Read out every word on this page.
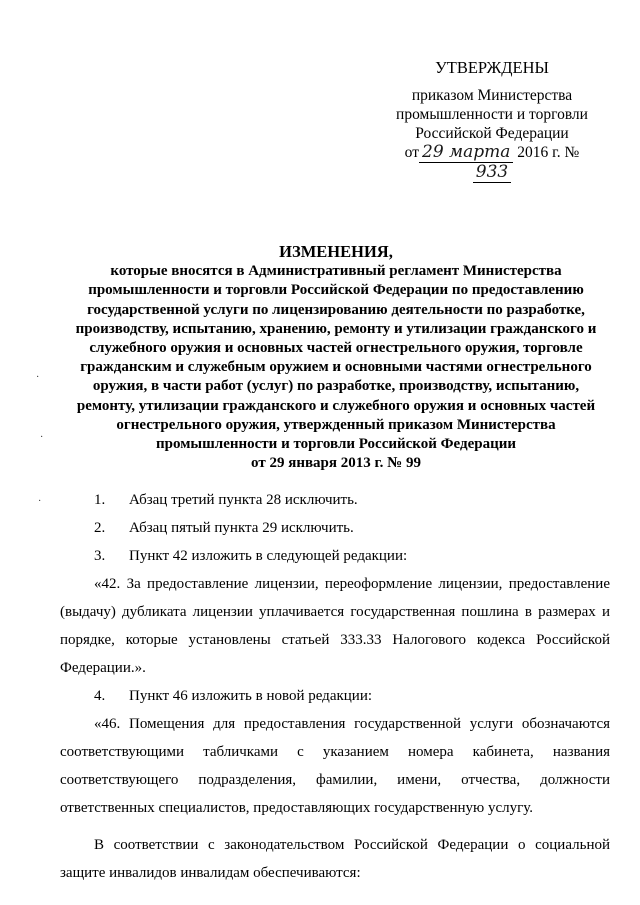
УТВЕРЖДЕНЫ
приказом Министерства
промышленности и торговли
Российской Федерации
от 29 марта 2016 г. №933
ИЗМЕНЕНИЯ,
которые вносятся в Административный регламент Министерства
промышленности и торговли Российской Федерации по предоставлению
государственной услуги по лицензированию деятельности по разработке,
производству, испытанию, хранению, ремонту и утилизации гражданского и
служебного оружия и основных частей огнестрельного оружия, торговле
гражданским и служебным оружием и основными частями огнестрельного
оружия, в части работ (услуг) по разработке, производству, испытанию,
ремонту, утилизации гражданского и служебного оружия и основных частей
огнестрельного оружия, утвержденный приказом Министерства
промышленности и торговли Российской Федерации
от 29 января 2013 г. № 99
1. Абзац третий пункта 28 исключить.
2. Абзац пятый пункта 29 исключить.
3. Пункт 42 изложить в следующей редакции:

«42. За предоставление лицензии, переоформление лицензии, предоставление (выдачу) дубликата лицензии уплачивается государственная пошлина в размерах и порядке, которые установлены статьей 333.33 Налогового кодекса Российской Федерации.».

4. Пункт 46 изложить в новой редакции:

«46. Помещения для предоставления государственной услуги обозначаются соответствующими табличками с указанием номера кабинета, названия соответствующего подразделения, фамилии, имени, отчества, должности ответственных специалистов, предоставляющих государственную услугу.

В соответствии с законодательством Российской Федерации о социальной защите инвалидов инвалидам обеспечиваются:

·
·
·
